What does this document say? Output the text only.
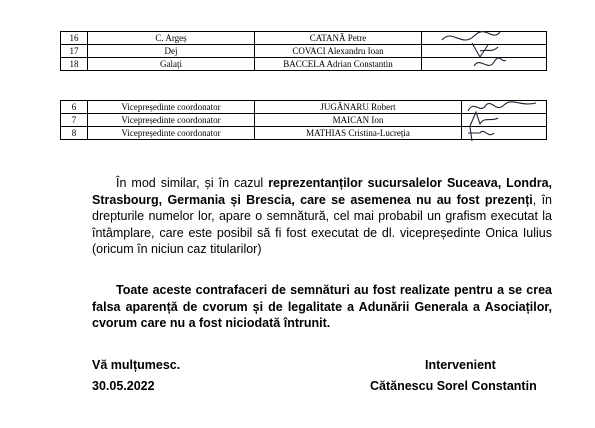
16	C. Argeș	CATANĂ Petre	

17	Dej	COVACI Alexandru Ioan	

18	Galați	BACCELA Adrian Constantin	
6	Vicepreședinte coordonator	JUGĂNARU Robert	

7	Vicepreședinte coordonator	MAICAN Ion	

8	Vicepreședinte coordonator	MATHIAS Cristina-Lucreția	
În mod similar, și în cazul reprezentanților sucursalelor Suceava, Londra, Strasbourg, Germania și Brescia, care se asemenea nu au fost prezenți, în drepturile numelor lor, apare o semnătură, cel mai probabil un grafism executat la întâmplare, care este posibil să fi fost executat de dl. vicepreședinte Onica Iulius (oricum în niciun caz titularilor)
Toate aceste contrafaceri de semnături au fost realizate pentru a se crea falsa aparență de cvorum și de legalitate a Adunării Generala a Asociaților, cvorum care nu a fost niciodată întrunit.
Vă mulțumesc.
30.05.2022
Intervenient
Cătănescu Sorel Constantin
